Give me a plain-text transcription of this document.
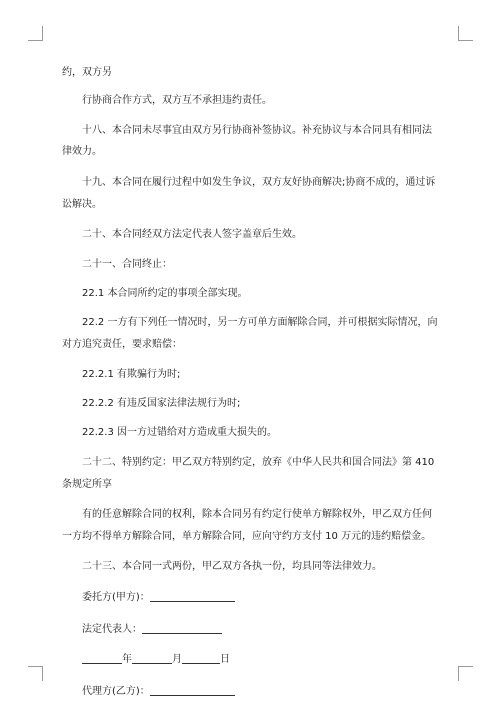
约，双方另
行协商合作方式，双方互不承担违约责任。
十八、本合同未尽事宜由双方另行协商补签协议。补充协议与本合同具有相同法
律效力。
十九、本合同在履行过程中如发生争议，双方友好协商解决;协商不成的，通过诉
讼解决。
二十、本合同经双方法定代表人签字盖章后生效。
二十一、合同终止：
22.1 本合同所约定的事项全部实现。
22.2 一方有下列任一情况时，另一方可单方面解除合同，并可根据实际情况，向
对方追究责任，要求赔偿：
22.2.1 有欺骗行为时;
22.2.2 有违反国家法律法规行为时;
22.2.3 因一方过错给对方造成重大损失的。
二十二、特别约定：甲乙双方特别约定，放弃《中华人民共和国合同法》第 410
条规定所享
有的任意解除合同的权利，除本合同另有约定行使单方解除权外，甲乙双方任何
一方均不得单方解除合同，单方解除合同，应向守约方支付 10 万元的违约赔偿金。
二十三、本合同一式两份，甲乙双方各执一份，均具同等法律效力。
委托方(甲方)：
法定代表人：
年	月	日
代理方(乙方)：
